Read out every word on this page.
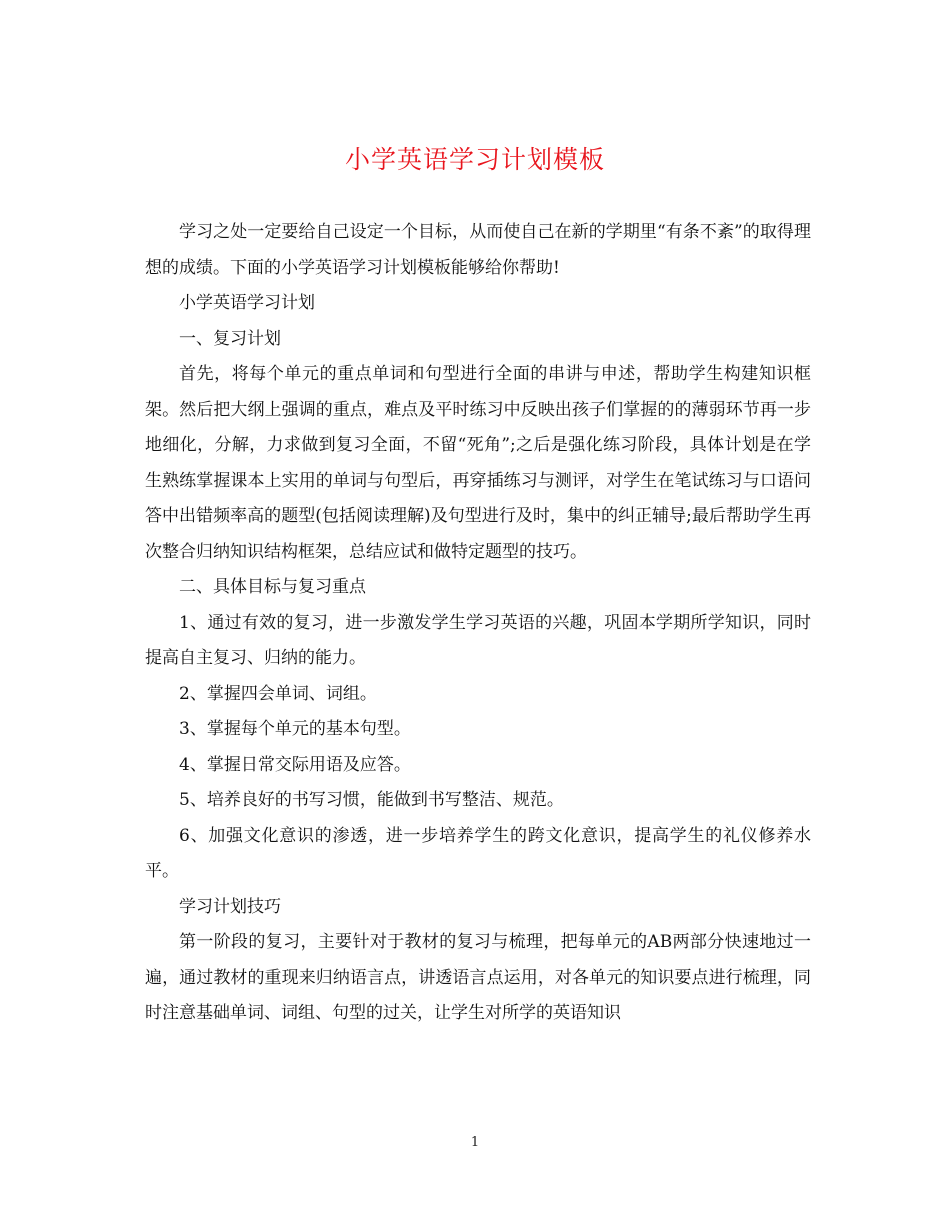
小学英语学习计划模板

学习之处一定要给自己设定一个目标，从而使自己在新的学期里“有条不紊”的取得理想的成绩。下面的小学英语学习计划模板能够给你帮助!

小学英语学习计划

一、复习计划

首先，将每个单元的重点单词和句型进行全面的串讲与申述，帮助学生构建知识框架。然后把大纲上强调的重点，难点及平时练习中反映出孩子们掌握的的薄弱环节再一步地细化，分解，力求做到复习全面，不留“死角”;之后是强化练习阶段，具体计划是在学生熟练掌握课本上实用的单词与句型后，再穿插练习与测评，对学生在笔试练习与口语问答中出错频率高的题型(包括阅读理解)及句型进行及时，集中的纠正辅导;最后帮助学生再次整合归纳知识结构框架，总结应试和做特定题型的技巧。

二、具体目标与复习重点

1、通过有效的复习，进一步激发学生学习英语的兴趣，巩固本学期所学知识，同时提高自主复习、归纳的能力。

2、掌握四会单词、词组。

3、掌握每个单元的基本句型。

4、掌握日常交际用语及应答。

5、培养良好的书写习惯，能做到书写整洁、规范。

6、加强文化意识的渗透，进一步培养学生的跨文化意识，提高学生的礼仪修养水平。

学习计划技巧

第一阶段的复习，主要针对于教材的复习与梳理，把每单元的AB两部分快速地过一遍，通过教材的重现来归纳语言点，讲透语言点运用，对各单元的知识要点进行梳理，同时注意基础单词、词组、句型的过关，让学生对所学的英语知识

1
